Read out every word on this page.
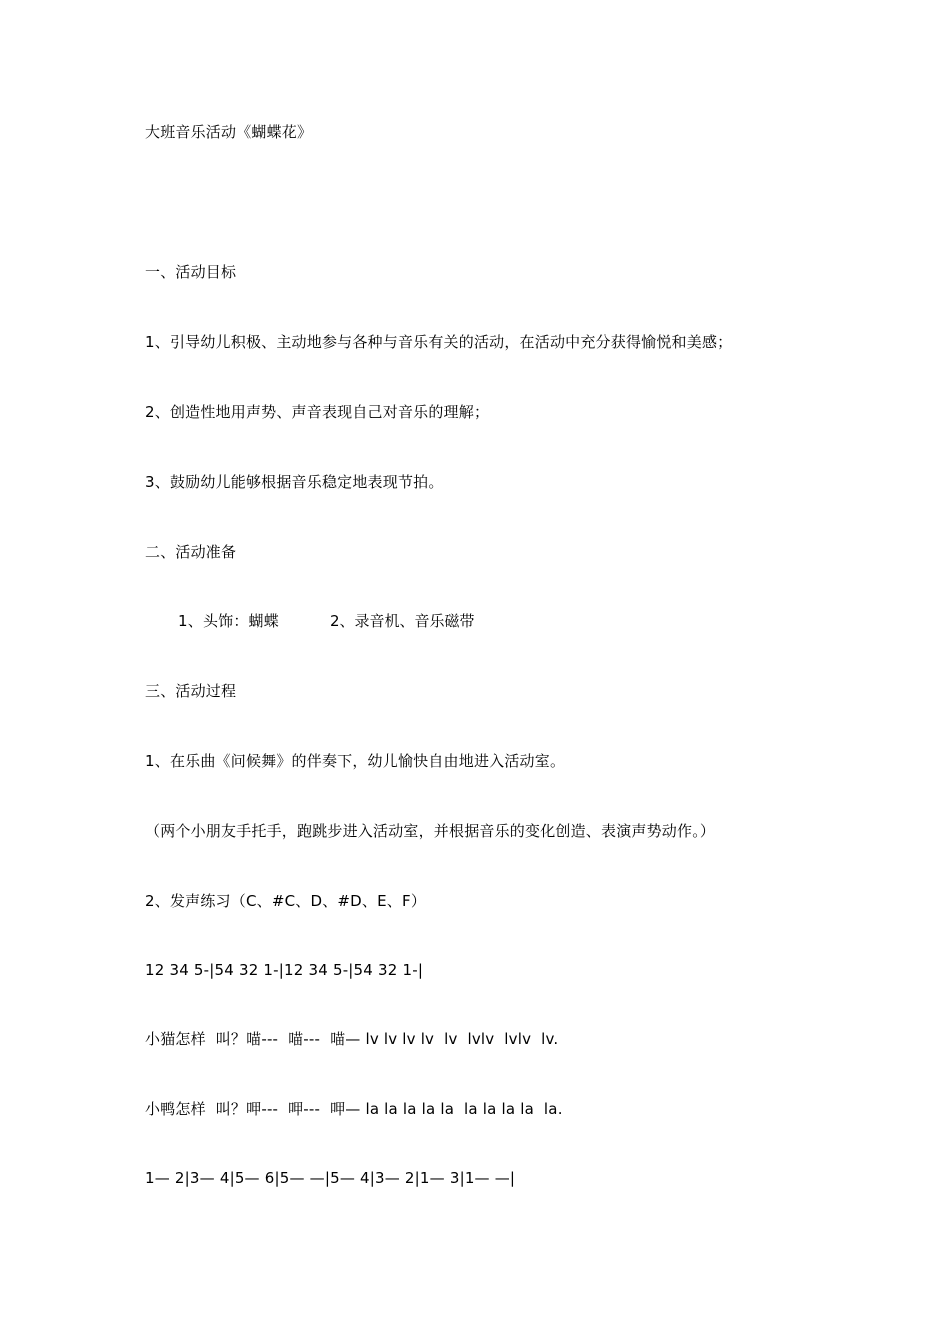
大班音乐活动《蝴蝶花》
一、活动目标
1、引导幼儿积极、主动地参与各种与音乐有关的活动，在活动中充分获得愉悦和美感；
2、创造性地用声势、声音表现自己对音乐的理解；
3、鼓励幼儿能够根据音乐稳定地表现节拍。
二、活动准备
1、头饰：蝴蝶	2、录音机、音乐磁带
三、活动过程
1、在乐曲《问候舞》的伴奏下，幼儿愉快自由地进入活动室。
（两个小朋友手托手，跑跳步进入活动室，并根据音乐的变化创造、表演声势动作。）
2、发声练习（C、#C、D、#D、E、F）
12 34 5-|54 32 1-|12 34 5-|54 32 1-|
小猫怎样  叫？喵---  喵---  喵— lv lv lv lv  lv  lvlv  lvlv  lv.
小鸭怎样  叫？呷---  呷---  呷— la la la la la  la la la la  la.
1— 2|3— 4|5— 6|5— —|5— 4|3— 2|1— 3|1— —|
